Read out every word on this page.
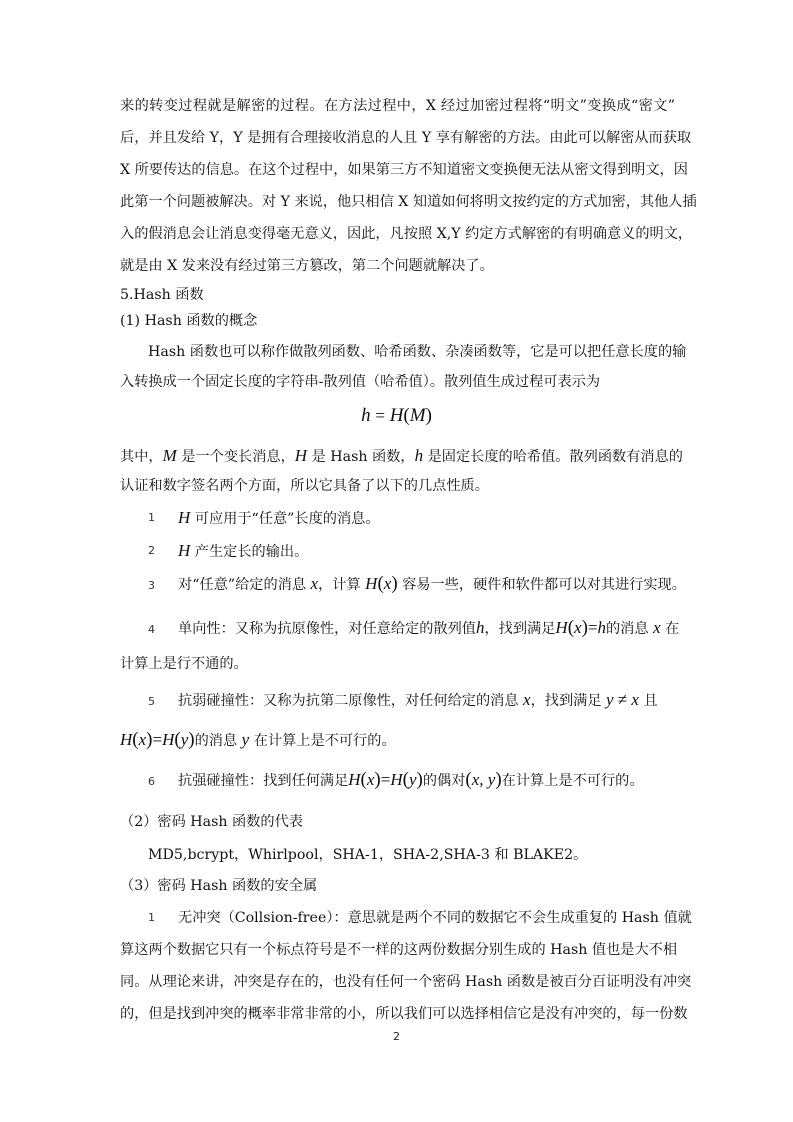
来的转变过程就是解密的过程。在方法过程中，X 经过加密过程将“明文”变换成“密文”
后，并且发给 Y，Y 是拥有合理接收消息的人且 Y 享有解密的方法。由此可以解密从而获取
X 所要传达的信息。在这个过程中，如果第三方不知道密文变换便无法从密文得到明文，因
此第一个问题被解决。对 Y 来说，他只相信 X 知道如何将明文按约定的方式加密，其他人插
入的假消息会让消息变得毫无意义，因此，凡按照 X,Y 约定方式解密的有明确意义的明文，
就是由 X 发来没有经过第三方篡改，第二个问题就解决了。
5.Hash 函数
(1) Hash 函数的概念
Hash 函数也可以称作做散列函数、哈希函数、杂凑函数等，它是可以把任意长度的输
入转换成一个固定长度的字符串-散列值（哈希值）。散列值生成过程可表示为
h = H(M)
其中，M 是一个变长消息，H 是 Hash 函数，h 是固定长度的哈希值。散列函数有消息的
认证和数字签名两个方面，所以它具备了以下的几点性质。
1 H 可应用于“任意”长度的消息。
2 H 产生定长的输出。
3 对“任意”给定的消息 x，计算 H(x) 容易一些，硬件和软件都可以对其进行实现。
4 单向性：又称为抗原像性，对任意给定的散列值h，找到满足H(x)=h的消息 x 在
计算上是行不通的。
5 抗弱碰撞性：又称为抗第二原像性，对任何给定的消息 x，找到满足 y ≠ x 且
H(x)=H(y)的消息 y 在计算上是不可行的。
6 抗强碰撞性：找到任何满足H(x)=H(y)的偶对(x, y)在计算上是不可行的。
（2）密码 Hash 函数的代表
MD5,bcrypt，Whirlpool，SHA-1，SHA-2,SHA-3 和 BLAKE2。
（3）密码 Hash 函数的安全属
1 无冲突（Collsion-free）：意思就是两个不同的数据它不会生成重复的 Hash 值就
算这两个数据它只有一个标点符号是不一样的这两份数据分别生成的 Hash 值也是大不相
同。从理论来讲，冲突是存在的，也没有任何一个密码 Hash 函数是被百分百证明没有冲突
的，但是找到冲突的概率非常非常的小，所以我们可以选择相信它是没有冲突的，每一份数
2
